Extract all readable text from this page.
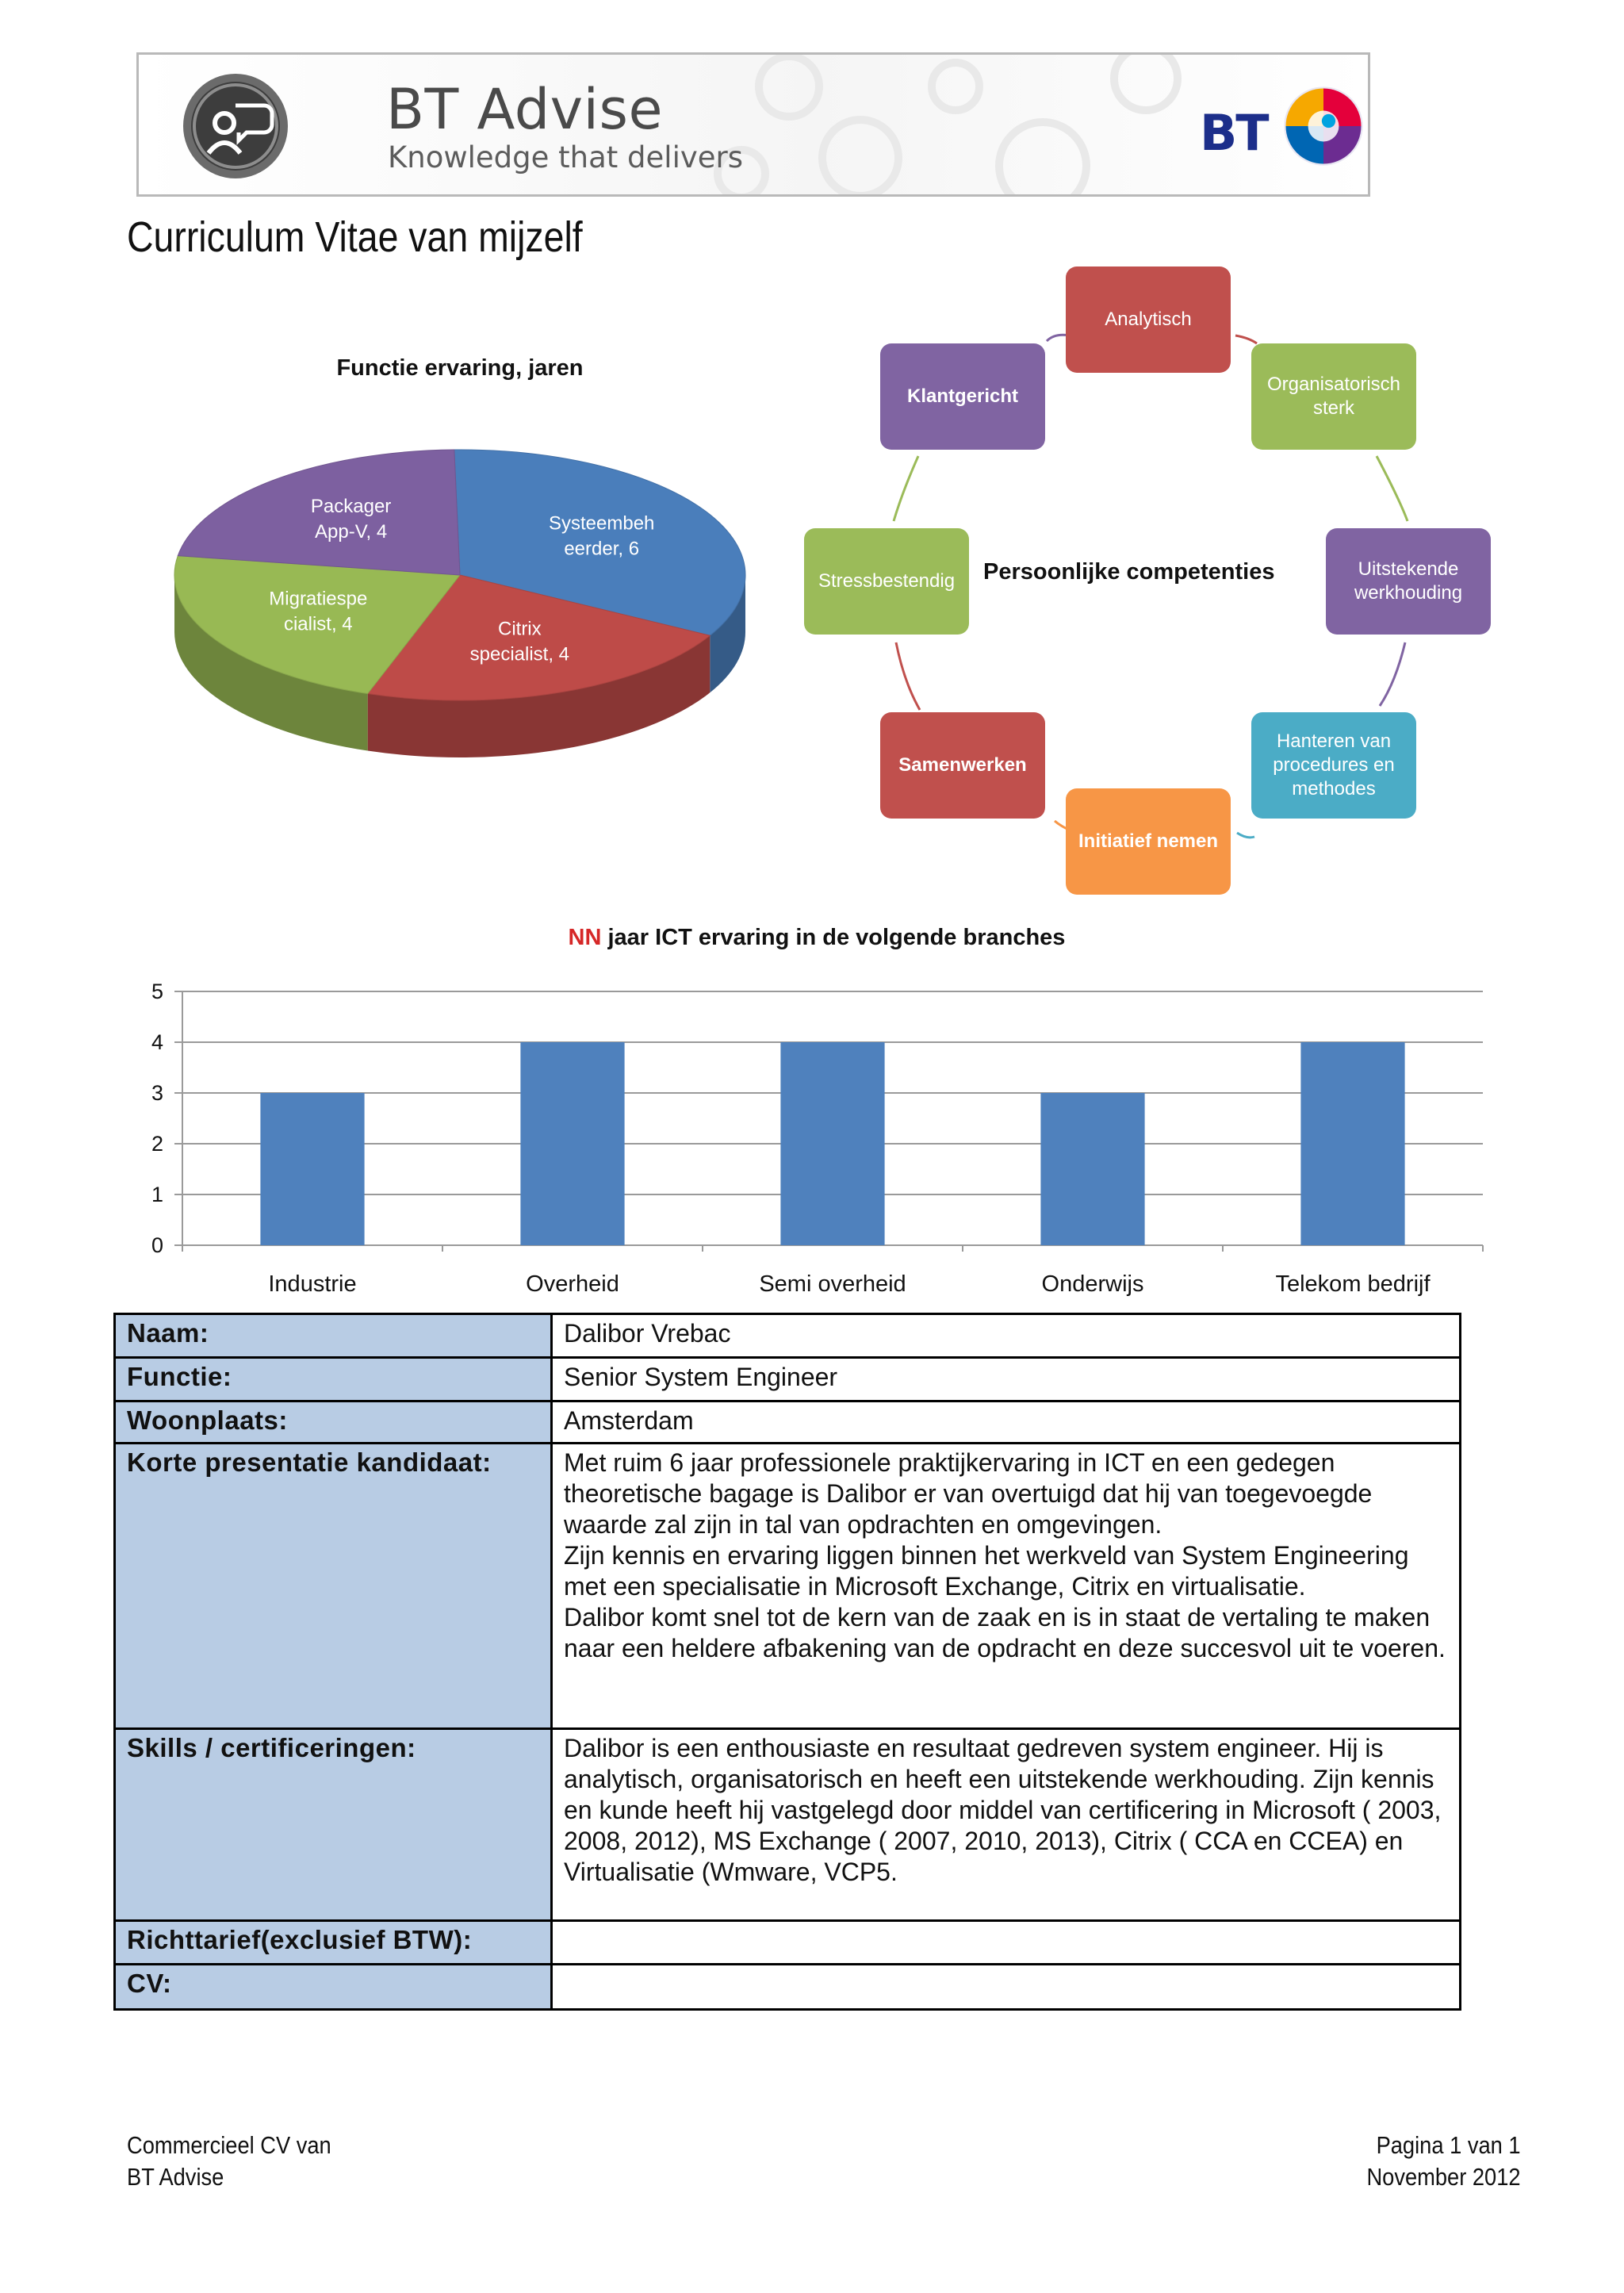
BT Advise
Knowledge that delivers	BT
Curriculum Vitae van mijzelf
Functie ervaring, jaren
Systeembeh eerder, 6
Citrix specialist, 4
Migratiespe cialist, 4
Packager App-V, 4
Analytisch
Organisatorisch sterk
Uitstekende werkhouding
Hanteren van procedures en methodes
Initiatief nemen
Samenwerken
Stressbestendig
Klantgericht
Persoonlijke competenties
NN jaar ICT ervaring in de volgende branches
0
1
2
3
4
5
Industrie	Overheid	Semi overheid	Onderwijs	Telekom bedrijf
Naam:	Dalibor Vrebac
Functie:	Senior System Engineer
Woonplaats:	Amsterdam
Korte presentatie kandidaat:	Met ruim 6 jaar professionele praktijkervaring in ICT en een gedegen theoretische bagage is Dalibor er van overtuigd dat hij van toegevoegde waarde zal zijn in tal van opdrachten en omgevingen.

Zijn kennis en ervaring liggen binnen het werkveld van System Engineering met een specialisatie in Microsoft Exchange, Citrix en virtualisatie.

Dalibor komt snel tot de kern van de zaak en is in staat de vertaling te maken naar een heldere afbakening van de opdracht en deze succesvol uit te voeren.

Skills / certificeringen:	Dalibor is een enthousiaste en resultaat gedreven system engineer. Hij is analytisch, organisatorisch en heeft een uitstekende werkhouding. Zijn kennis en kunde heeft hij vastgelegd door middel van certificering in Microsoft ( 2003, 2008, 2012), MS Exchange ( 2007, 2010, 2013), Citrix ( CCA en CCEA) en Virtualisatie (Wmware, VCP5.
Richttarief(exclusief BTW):	
CV:	
Commercieel CV van
BT Advise
Pagina 1 van 1
November 2012
